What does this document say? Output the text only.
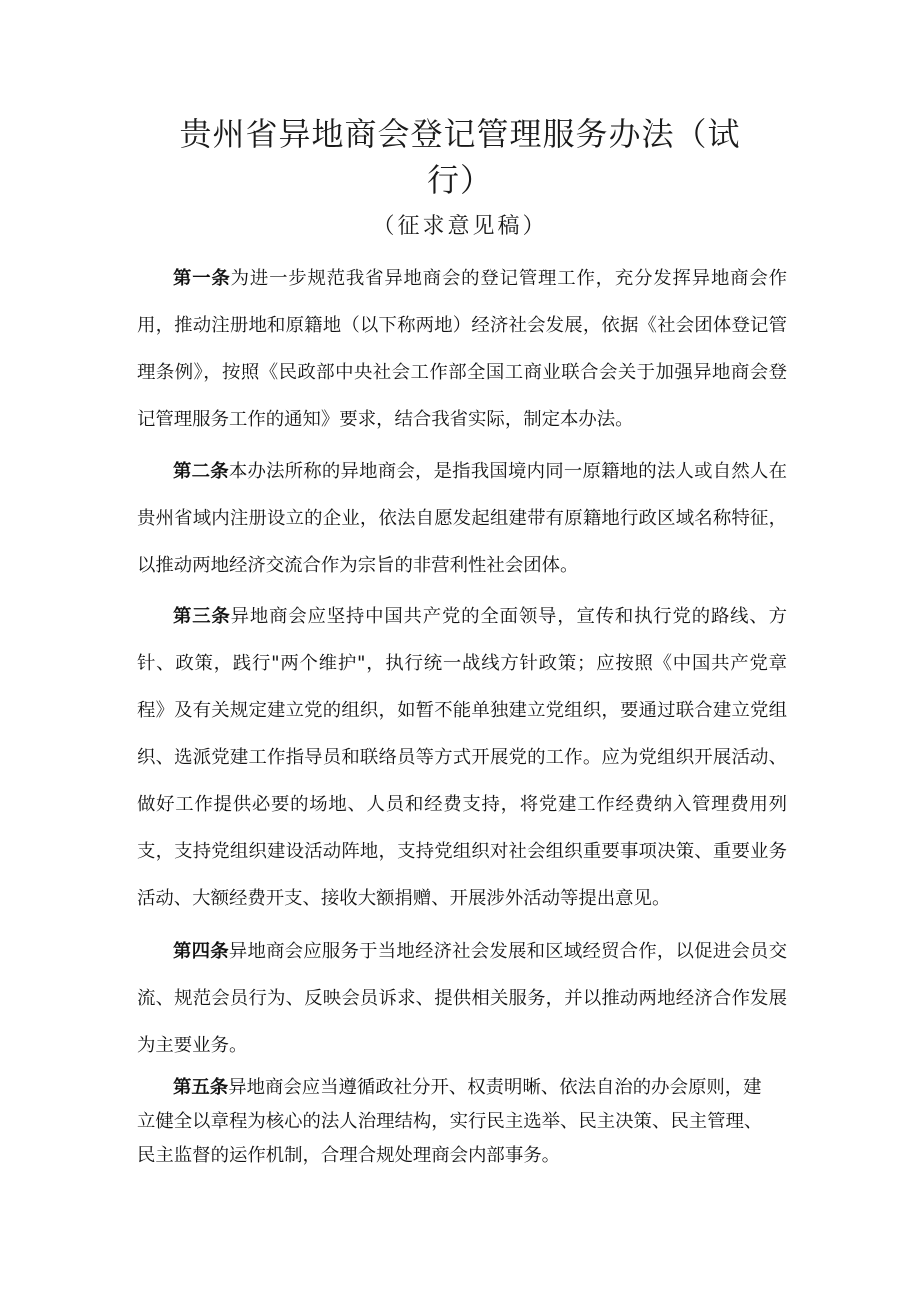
贵州省异地商会登记管理服务办法（试
行）
（征求意见稿）

第一条为进一步规范我省异地商会的登记管理工作，充分发挥异地商会作用，推动注册地和原籍地（以下称两地）经济社会发展，依据《社会团体登记管理条例》，按照《民政部中央社会工作部全国工商业联合会关于加强异地商会登记管理服务工作的通知》要求，结合我省实际，制定本办法。

第二条本办法所称的异地商会，是指我国境内同一原籍地的法人或自然人在贵州省域内注册设立的企业，依法自愿发起组建带有原籍地行政区域名称特征，以推动两地经济交流合作为宗旨的非营利性社会团体。

第三条异地商会应坚持中国共产党的全面领导，宣传和执行党的路线、方针、政策，践行"两个维护"，执行统一战线方针政策；应按照《中国共产党章程》及有关规定建立党的组织，如暂不能单独建立党组织，要通过联合建立党组织、选派党建工作指导员和联络员等方式开展党的工作。应为党组织开展活动、做好工作提供必要的场地、人员和经费支持，将党建工作经费纳入管理费用列支，支持党组织建设活动阵地，支持党组织对社会组织重要事项决策、重要业务活动、大额经费开支、接收大额捐赠、开展涉外活动等提出意见。

第四条异地商会应服务于当地经济社会发展和区域经贸合作，以促进会员交流、规范会员行为、反映会员诉求、提供相关服务，并以推动两地经济合作发展为主要业务。

第五条异地商会应当遵循政社分开、权责明晰、依法自治的办会原则，建立健全以章程为核心的法人治理结构，实行民主选举、民主决策、民主管理、民主监督的运作机制，合理合规处理商会内部事务。
